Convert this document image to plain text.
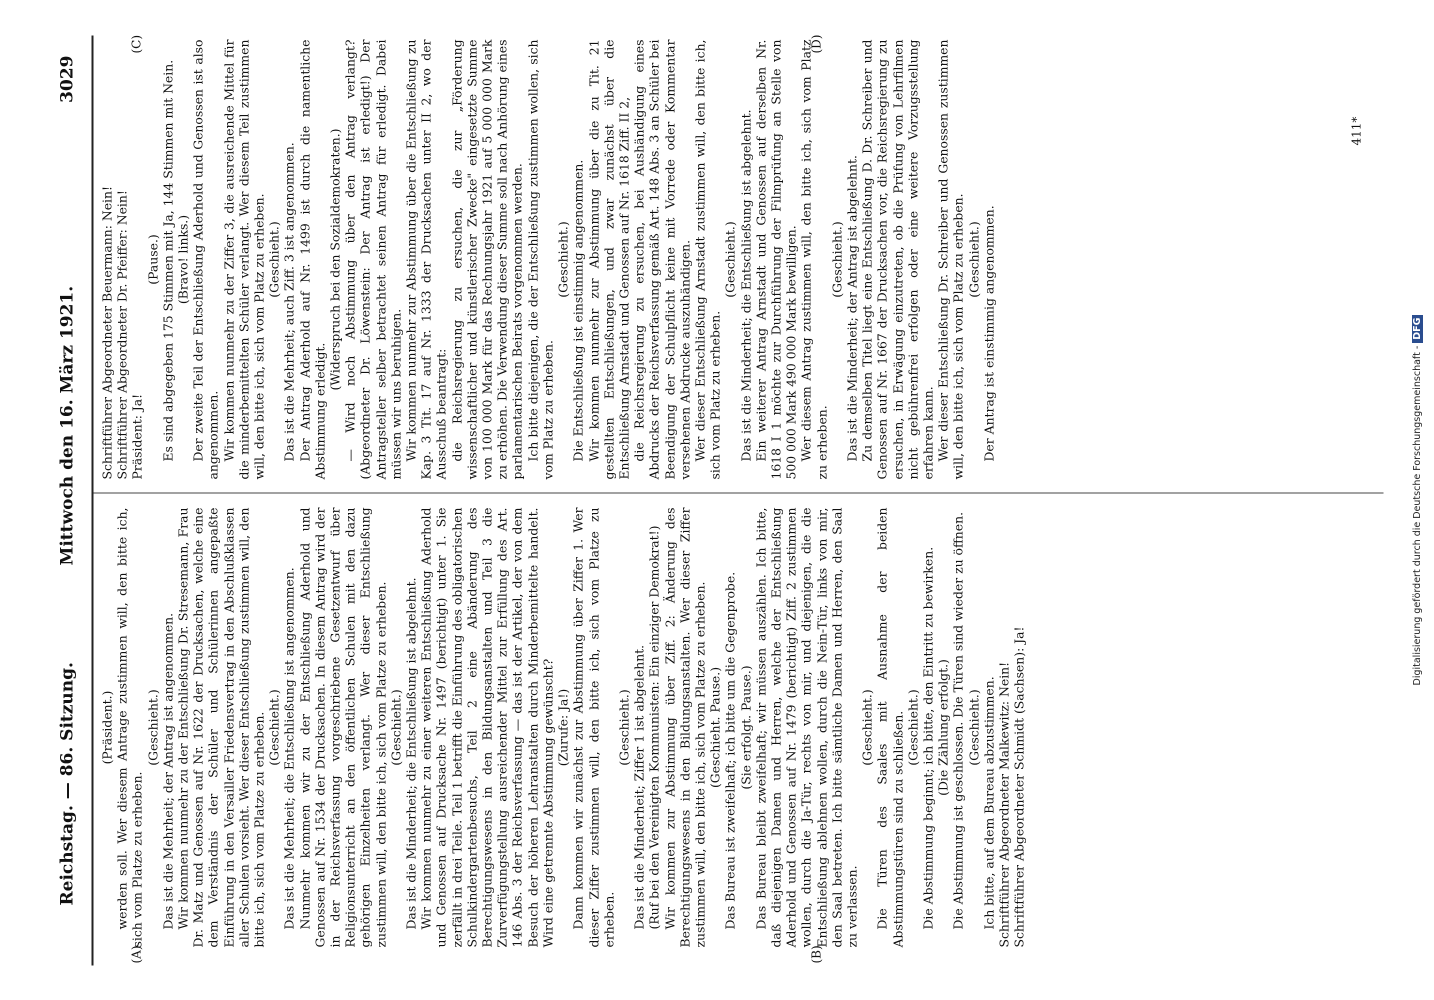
Reichstag. — 86. Sitzung.
Mittwoch den 16. März 1921.
3029
(A)	(B)
(C)	(D)

(Präsident.) werden soll. Wer diesem Antrage zustimmen will, den bitte ich, sich vom Platze zu erheben.

(Geschieht.) Das ist die Mehrheit; der Antrag ist angenommen. Wir kommen nunmehr zu der Entschließung Dr. Stresemann, Frau Dr. Matz und Genossen auf Nr. 1622 der Drucksachen, welche eine dem Verständnis der Schüler und Schülerinnen angepaßte Einführung in den Versailler Friedensvertrag in den Abschlußklassen aller Schulen vorsieht. Wer dieser Entschließung zustimmen will, den bitte ich, sich vom Platze zu erheben. (Geschieht.) Das ist die Mehrheit; die Entschließung ist angenommen. Nunmehr kommen wir zu der Entschließung Aderhold und Genossen auf Nr. 1534 der Drucksachen. In diesem Antrag wird der in der Reichsverfassung vorgeschriebene Gesetzentwurf über Religionsunterricht an den öffentlichen Schulen mit den dazu gehörigen Einzelheiten verlangt. Wer dieser Entschließung zustimmen will, den bitte ich, sich vom Platze zu erheben. (Geschieht.) Das ist die Minderheit; die Entschließung ist abgelehnt. Wir kommen nunmehr zu einer weiteren Entschließung Aderhold und Genossen auf Drucksache Nr. 1497 (berichtigt) unter 1. Sie zerfällt in drei Teile. Teil 1 betrifft die Einführung des obligatorischen Schulkindergartenbesuchs, Teil 2 eine Abänderung des Berechtigungswesens in den Bildungsanstalten und Teil 3 die Zurverfügungstellung ausreichender Mittel zur Erfüllung des Art. 146 Abs. 3 der Reichsverfassung — das ist der Artikel, der von dem Besuch der höheren Lehranstalten durch Minderbemittelte handelt. Wird eine getrennte Abstimmung gewünscht? (Zurufe: Ja!) Dann kommen wir zunächst zur Abstimmung über Ziffer 1. Wer dieser Ziffer zustimmen will, den bitte ich, sich vom Platze zu erheben.

(Geschieht.) Das ist die Minderheit; Ziffer 1 ist abgelehnt. (Ruf bei den Vereinigten Kommunisten: Ein einziger Demokrat!) Wir kommen zur Abstimmung über Ziff. 2: Änderung des Berechtigungswesens in den Bildungsanstalten. Wer dieser Ziffer zustimmen will, den bitte ich, sich vom Platze zu erheben. (Geschieht. Pause.) Das Bureau ist zweifelhaft; ich bitte um die Gegenprobe. (Sie erfolgt. Pause.) Das Bureau bleibt zweifelhaft; wir müssen auszählen. Ich bitte, daß diejenigen Damen und Herren, welche der Entschließung Aderhold und Genossen auf Nr. 1479 (berichtigt) Ziff. 2 zustimmen wollen, durch die Ja-Tür, rechts von mir, und diejenigen, die die Entschließung ablehnen wollen, durch die Nein-Tür, links von mir, den Saal betreten. Ich bitte sämtliche Damen und Herren, den Saal zu verlassen.

(Geschieht.) Die Türen des Saales mit Ausnahme der beiden Abstimmungstüren sind zu schließen. (Geschieht.) Die Abstimmung beginnt; ich bitte, den Eintritt zu bewirken. (Die Zählung erfolgt.) Die Abstimmung ist geschlossen. Die Türen sind wieder zu öffnen. (Geschieht.) Ich bitte, auf dem Bureau abzustimmen. Schriftführer Abgeordneter Malkewitz: Nein! Schriftführer Abgeordneter Schmidt (Sachsen): Ja!

Schriftführer Abgeordneter Beuermann: Nein! Schriftführer Abgeordneter Dr. Pfeiffer: Nein! Präsident: Ja!

(Pause.) Es sind abgegeben 175 Stimmen mit Ja, 144 Stimmen mit Nein. (Bravo! links.) Der zweite Teil der Entschließung Aderhold und Genossen ist also angenommen. Wir kommen nunmehr zu der Ziffer 3, die ausreichende Mittel für die minderbemittelten Schüler verlangt. Wer diesem Teil zustimmen will, den bitte ich, sich vom Platz zu erheben. (Geschieht.) Das ist die Mehrheit; auch Ziff. 3 ist angenommen. Der Antrag Aderhold auf Nr. 1499 ist durch die namentliche Abstimmung erledigt.

(Widerspruch bei den Sozialdemokraten.) — Wird noch Abstimmung über den Antrag verlangt? (Abgeordneter Dr. Löwenstein: Der Antrag ist erledigt!) Der Antragsteller selber betrachtet seinen Antrag für erledigt. Dabei müssen wir uns beruhigen. Wir kommen nunmehr zur Abstimmung über die Entschließung zu Kap. 3 Tit. 17 auf Nr. 1333 der Drucksachen unter II 2, wo der Ausschuß beantragt: die Reichsregierung zu ersuchen, die zur „Förderung wissenschaftlicher und künstlerischer Zwecke" eingesetzte Summe von 100 000 Mark für das Rechnungsjahr 1921 auf 5 000 000 Mark zu erhöhen. Die Verwendung dieser Summe soll nach Anhörung eines parlamentarischen Beirats vorgenommen werden. Ich bitte diejenigen, die der Entschließung zustimmen wollen, sich vom Platz zu erheben.

(Geschieht.) Die Entschließung ist einstimmig angenommen. Wir kommen nunmehr zur Abstimmung über die zu Tit. 21 gestellten Entschließungen, und zwar zunächst über die Entschließung Arnstadt und Genossen auf Nr. 1618 Ziff. II 2, die Reichsregierung zu ersuchen, bei Aushändigung eines Abdrucks der Reichsverfassung gemäß Art. 148 Abs. 3 an Schüler bei Beendigung der Schulpflicht keine mit Vorrede oder Kommentar versehenen Abdrucke auszuhändigen. Wer dieser Entschließung Arnstadt zustimmen will, den bitte ich, sich vom Platz zu erheben.

(Geschieht.) Das ist die Minderheit; die Entschließung ist abgelehnt. Ein weiterer Antrag Arnstadt und Genossen auf derselben Nr. 1618 I 1 möchte zur Durchführung der Filmprüfung an Stelle von 500 000 Mark 490 000 Mark bewilligen. Wer diesem Antrag zustimmen will, den bitte ich, sich vom Platz zu erheben.

(Geschieht.) Das ist die Minderheit; der Antrag ist abgelehnt. Zu demselben Titel liegt eine Entschließung D. Dr. Schreiber und Genossen auf Nr. 1667 der Drucksachen vor, die Reichsregierung zu ersuchen, in Erwägung einzutreten, ob die Prüfung von Lehrfilmen nicht gebührenfrei erfolgen oder eine weitere Vorzugsstellung erfahren kann. Wer dieser Entschließung Dr. Schreiber und Genossen zustimmen will, den bitte ich, sich vom Platz zu erheben. (Geschieht.) Der Antrag ist einstimmig angenommen.

411*
Digitalisierung gefördert durch die Deutsche Forschungsgemeinschaft - DFG
